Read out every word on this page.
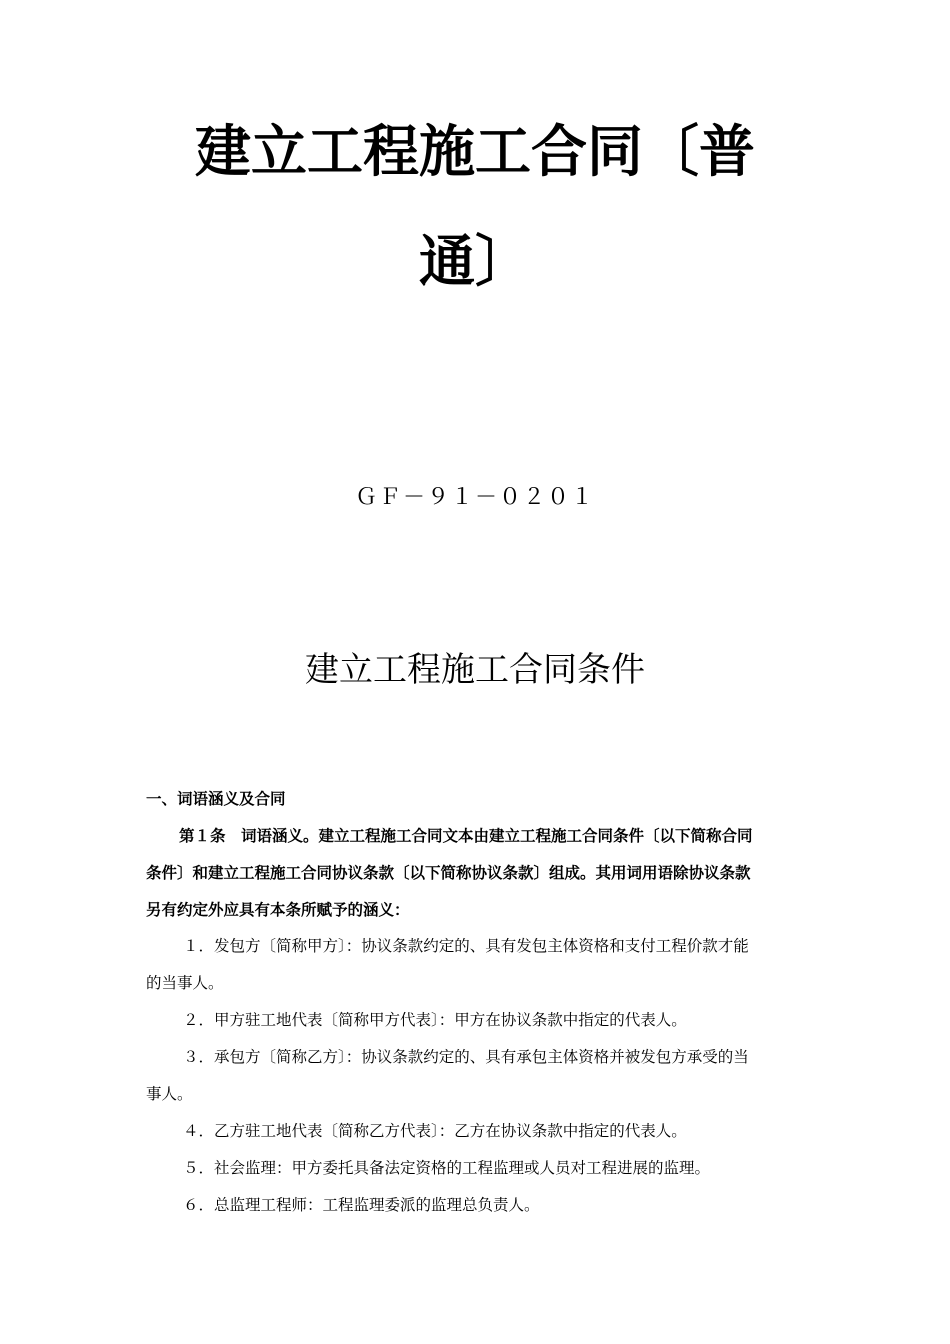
建立工程施工合同〔普
通〕
ＧＦ－９１－０２０１
建立工程施工合同条件
一、词语涵义及合同
第１条　词语涵义。建立工程施工合同文本由建立工程施工合同条件〔以下简称合同
条件〕和建立工程施工合同协议条款〔以下简称协议条款〕组成。其用词用语除协议条款
另有约定外应具有本条所赋予的涵义：
１．发包方〔简称甲方〕：协议条款约定的、具有发包主体资格和支付工程价款才能
的当事人。
２．甲方驻工地代表〔简称甲方代表〕：甲方在协议条款中指定的代表人。
３．承包方〔简称乙方〕：协议条款约定的、具有承包主体资格并被发包方承受的当
事人。
４．乙方驻工地代表〔简称乙方代表〕：乙方在协议条款中指定的代表人。
５．社会监理：甲方委托具备法定资格的工程监理或人员对工程进展的监理。
６．总监理工程师：工程监理委派的监理总负责人。
